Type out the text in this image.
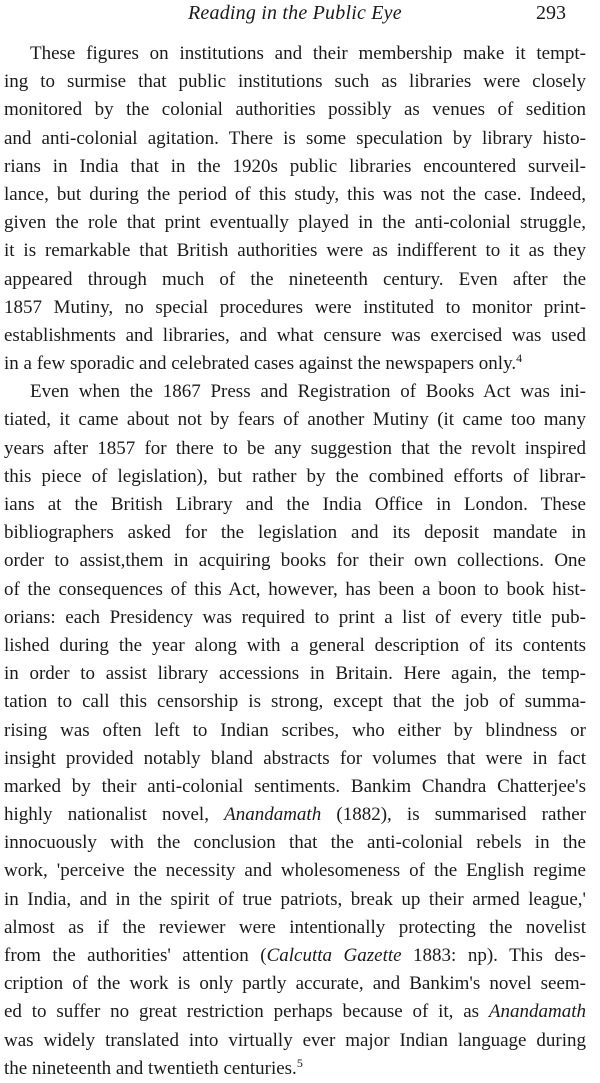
Reading in the Public Eye	293
These figures on institutions and their membership make it tempt-
ing to surmise that public institutions such as libraries were closely
monitored by the colonial authorities possibly as venues of sedition
and anti-colonial agitation. There is some speculation by library histo-
rians in India that in the 1920s public libraries encountered surveil-
lance, but during the period of this study, this was not the case. Indeed,
given the role that print eventually played in the anti-colonial struggle,
it is remarkable that British authorities were as indifferent to it as they
appeared through much of the nineteenth century. Even after the
1857 Mutiny, no special procedures were instituted to monitor print-
establishments and libraries, and what censure was exercised was used
in a few sporadic and celebrated cases against the newspapers only.$^4$
Even when the 1867 Press and Registration of Books Act was ini-
tiated, it came about not by fears of another Mutiny (it came too many
years after 1857 for there to be any suggestion that the revolt inspired
this piece of legislation), but rather by the combined efforts of librar-
ians at the British Library and the India Office in London. These
bibliographers asked for the legislation and its deposit mandate in
order to assist,them in acquiring books for their own collections. One
of the consequences of this Act, however, has been a boon to book hist-
orians: each Presidency was required to print a list of every title pub-
lished during the year along with a general description of its contents
in order to assist library accessions in Britain. Here again, the temp-
tation to call this censorship is strong, except that the job of summa-
rising was often left to Indian scribes, who either by blindness or
insight provided notably bland abstracts for volumes that were in fact
marked by their anti-colonial sentiments. Bankim Chandra Chatterjee's
highly nationalist novel, Anandamath (1882), is summarised rather
innocuously with the conclusion that the anti-colonial rebels in the
work, 'perceive the necessity and wholesomeness of the English regime
in India, and in the spirit of true patriots, break up their armed league,'
almost as if the reviewer were intentionally protecting the novelist
from the authorities' attention (Calcutta Gazette 1883: np). This des-
cription of the work is only partly accurate, and Bankim's novel seem-
ed to suffer no great restriction perhaps because of it, as Anandamath
was widely translated into virtually ever major Indian language during
the nineteenth and twentieth centuries.$^5$
